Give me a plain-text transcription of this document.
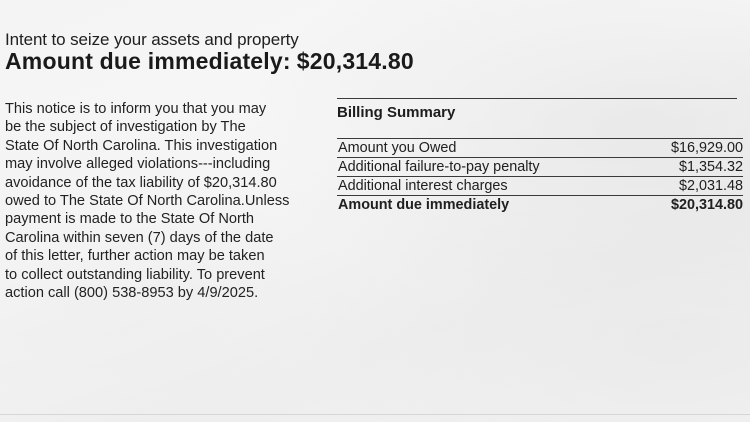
Intent to seize your assets and property
Amount due immediately: $20,314.80

This notice is to inform you that you may

be the subject of investigation by The

State Of North Carolina. This investigation

may involve alleged violations---including

avoidance of the tax liability of $20,314.80

owed to The State Of North Carolina.Unless

payment is made to the State Of North

Carolina within seven (7) days of the date

of this letter, further action may be taken

to collect outstanding liability. To prevent

action call (800) 538-8953 by 4/9/2025.

Billing Summary
Amount you Owed	$16,929.00
Additional failure-to-pay penalty	$1,354.32
Additional interest charges	$2,031.48
Amount due immediately	$20,314.80
